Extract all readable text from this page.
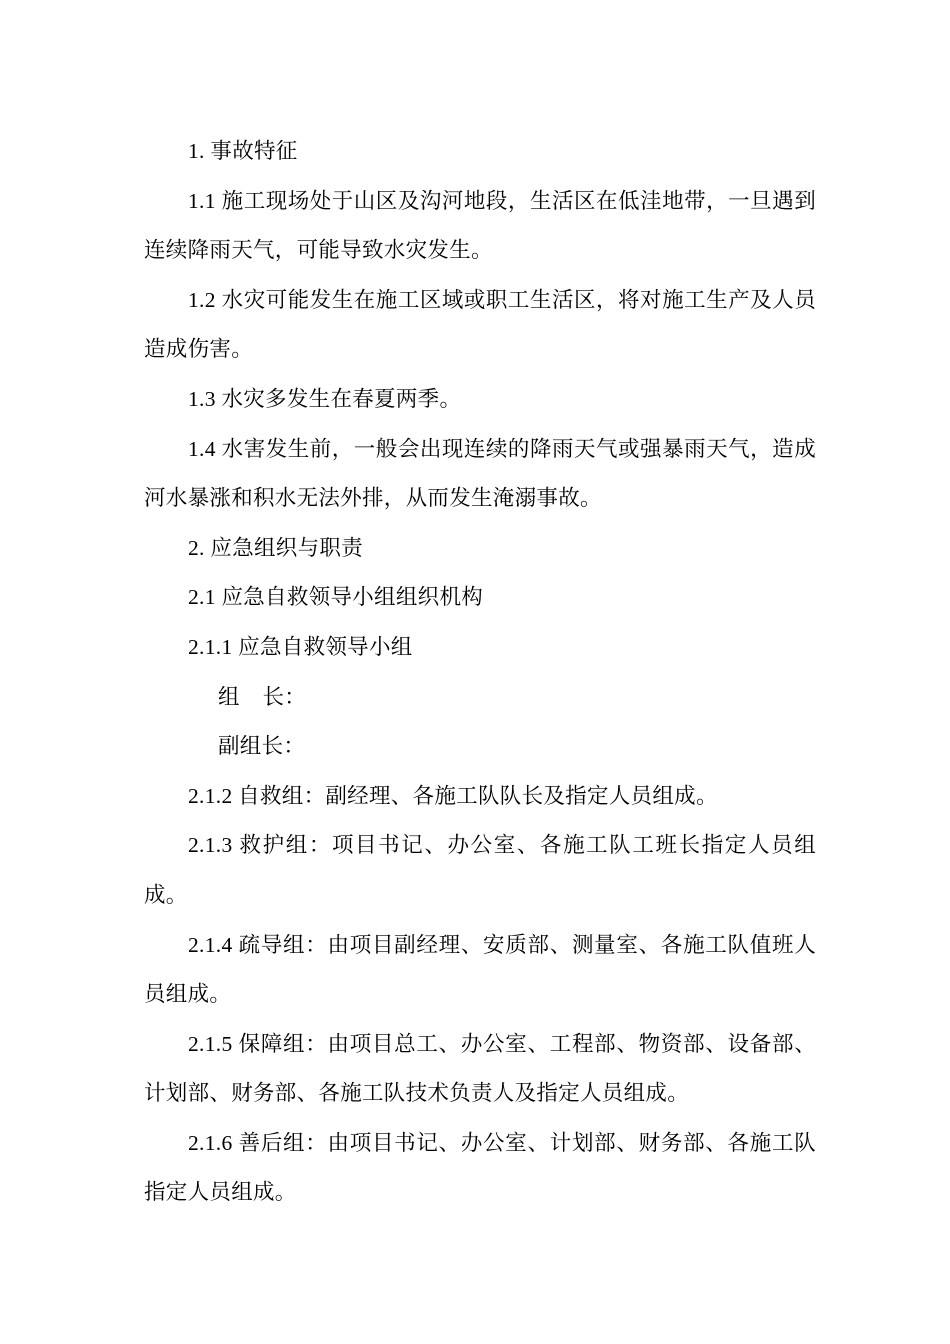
1. 事故特征

1.1 施工现场处于山区及沟河地段，生活区在低洼地带，一旦遇到连续降雨天气，可能导致水灾发生。

1.2 水灾可能发生在施工区域或职工生活区，将对施工生产及人员造成伤害。

1.3 水灾多发生在春夏两季。

1.4 水害发生前，一般会出现连续的降雨天气或强暴雨天气，造成河水暴涨和积水无法外排，从而发生淹溺事故。

2. 应急组织与职责

2.1 应急自救领导小组组织机构

2.1.1 应急自救领导小组

组    长：

副组长：

2.1.2 自救组：副经理、各施工队队长及指定人员组成。

2.1.3 救护组：项目书记、办公室、各施工队工班长指定人员组成。

2.1.4 疏导组：由项目副经理、安质部、测量室、各施工队值班人员组成。

2.1.5 保障组：由项目总工、办公室、工程部、物资部、设备部、计划部、财务部、各施工队技术负责人及指定人员组成。

2.1.6 善后组：由项目书记、办公室、计划部、财务部、各施工队指定人员组成。
